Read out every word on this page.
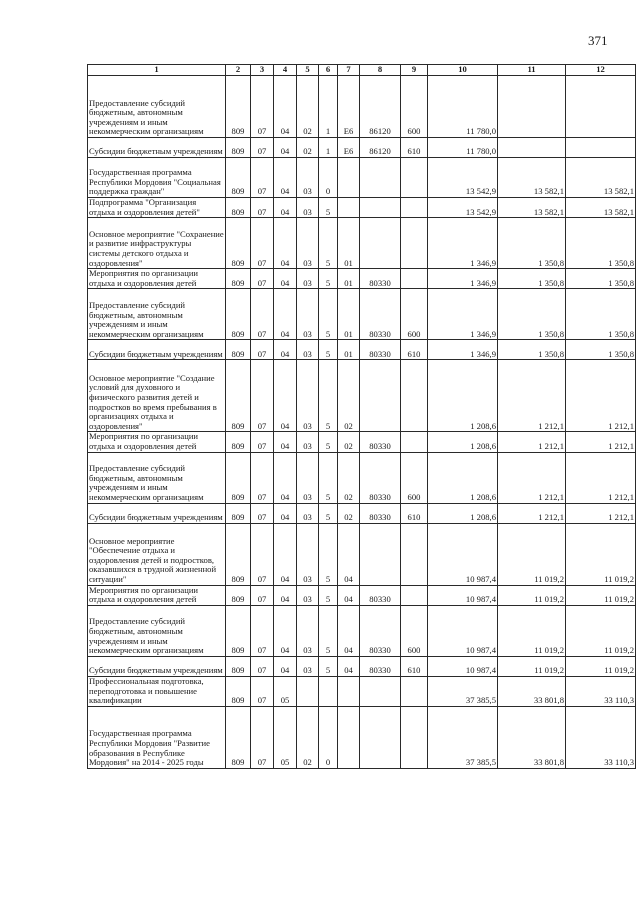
371
1	2	3	4	5	6	7	8	9	10	11	12

Предоставление субсидий бюджетным, автономным учреждениям и иным некоммерческим организациям	809	07	04	02	1	Е6	86120	600	11 780,0		

Субсидии бюджетным учреждениям	809	07	04	02	1	Е6	86120	610	11 780,0		

Государственная программа Республики Мордовия "Социальная поддержка граждан"	809	07	04	03	0				13 542,9	13 582,1	13 582,1

Подпрограмма "Организация отдыха и оздоровления детей"	809	07	04	03	5				13 542,9	13 582,1	13 582,1

Основное мероприятие "Сохранение и развитие инфраструктуры системы детского отдыха и оздоровления"	809	07	04	03	5	01			1 346,9	1 350,8	1 350,8

Мероприятия по организации отдыха и оздоровления детей	809	07	04	03	5	01	80330		1 346,9	1 350,8	1 350,8

Предоставление субсидий бюджетным, автономным учреждениям и иным некоммерческим организациям	809	07	04	03	5	01	80330	600	1 346,9	1 350,8	1 350,8

Субсидии бюджетным учреждениям	809	07	04	03	5	01	80330	610	1 346,9	1 350,8	1 350,8

Основное мероприятие "Создание условий для духовного и физического развития детей и подростков во время пребывания в организациях отдыха и оздоровления"	809	07	04	03	5	02			1 208,6	1 212,1	1 212,1

Мероприятия по организации отдыха и оздоровления детей	809	07	04	03	5	02	80330		1 208,6	1 212,1	1 212,1

Предоставление субсидий бюджетным, автономным учреждениям и иным некоммерческим организациям	809	07	04	03	5	02	80330	600	1 208,6	1 212,1	1 212,1

Субсидии бюджетным учреждениям	809	07	04	03	5	02	80330	610	1 208,6	1 212,1	1 212,1

Основное мероприятие "Обеспечение отдыха и оздоровления детей и подростков, оказавшихся в трудной жизненной ситуации"	809	07	04	03	5	04			10 987,4	11 019,2	11 019,2

Мероприятия по организации отдыха и оздоровления детей	809	07	04	03	5	04	80330		10 987,4	11 019,2	11 019,2

Предоставление субсидий бюджетным, автономным учреждениям и иным некоммерческим организациям	809	07	04	03	5	04	80330	600	10 987,4	11 019,2	11 019,2

Субсидии бюджетным учреждениям	809	07	04	03	5	04	80330	610	10 987,4	11 019,2	11 019,2

Профессиональная подготовка, переподготовка и повышение квалификации	809	07	05						37 385,5	33 801,8	33 110,3

Государственная программа Республики Мордовия "Развитие образования в Республике Мордовия" на 2014 - 2025 годы	809	07	05	02	0				37 385,5	33 801,8	33 110,3
